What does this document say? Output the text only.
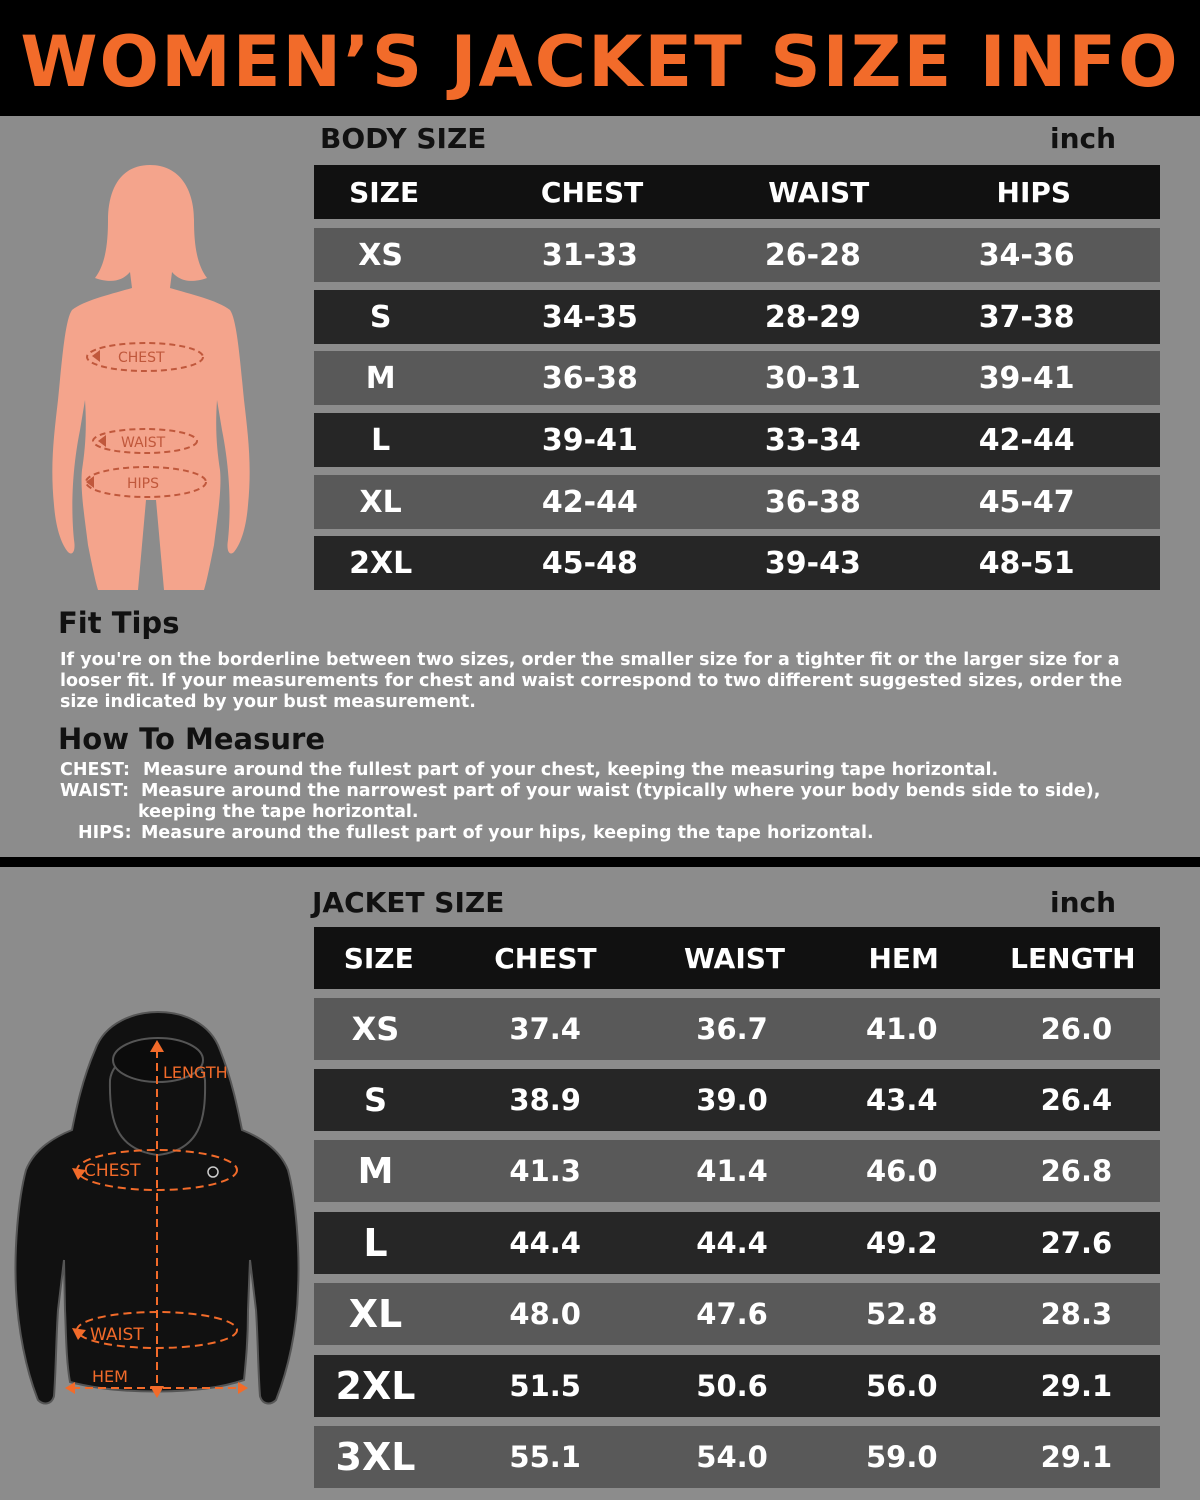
WOMEN’S JACKET SIZE INFO
BODY SIZE	inch
SIZE	CHEST	WAIST	HIPS
XS	31-33	26-28	34-36
S	34-35	28-29	37-38
M	36-38	30-31	39-41
L	39-41	33-34	42-44
XL	42-44	36-38	45-47
2XL	45-48	39-43	48-51
CHEST
WAIST
HIPS
Fit Tips
If you're on the borderline between two sizes, order the smaller size for a tighter fit or the larger size for a looser fit. If your measurements for chest and waist correspond to two different suggested sizes, order the size indicated by your bust measurement.
How To Measure
CHEST: Measure around the fullest part of your chest, keeping the measuring tape horizontal.
WAIST: Measure around the narrowest part of your waist (typically where your body bends side to side),
keeping the tape horizontal.
HIPS: Measure around the fullest part of your hips, keeping the tape horizontal.
JACKET SIZE	inch
SIZE	CHEST	WAIST	HEM	LENGTH
XS	37.4	36.7	41.0	26.0
S	38.9	39.0	43.4	26.4
M	41.3	41.4	46.0	26.8
L	44.4	44.4	49.2	27.6
XL	48.0	47.6	52.8	28.3
2XL	51.5	50.6	56.0	29.1
3XL	55.1	54.0	59.0	29.1
LENGTH
CHEST
WAIST
HEM
